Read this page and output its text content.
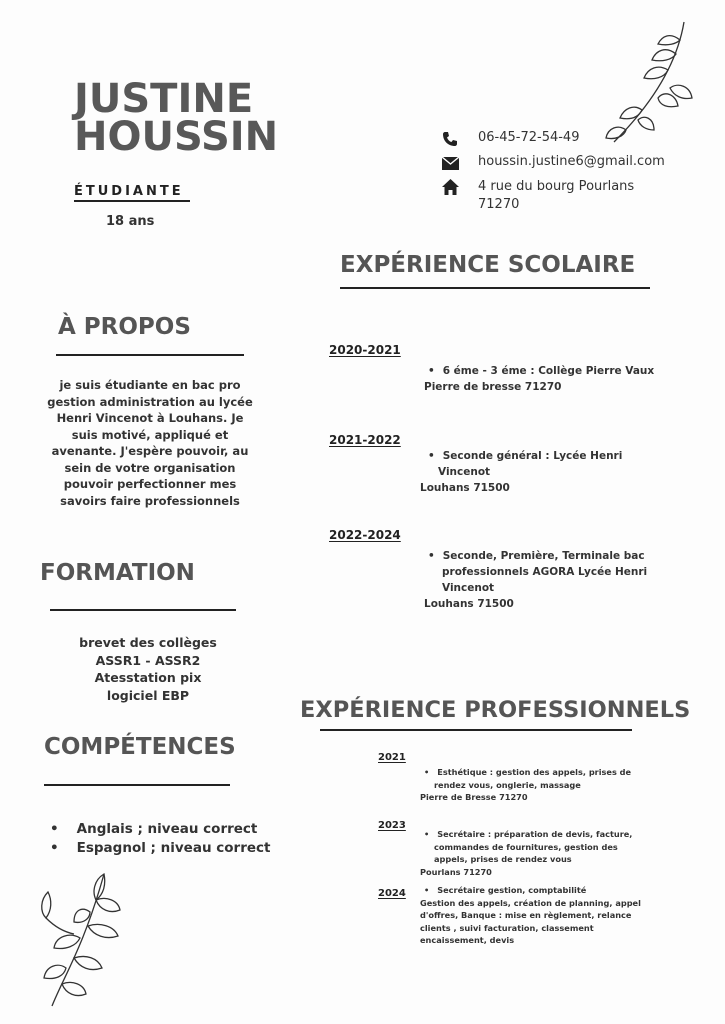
JUSTINE
HOUSSIN
ÉTUDIANTE
18 ans
06-45-72-54-49
houssin.justine6@gmail.com
4 rue du bourg Pourlans
71270
EXPÉRIENCE SCOLAIRE
À PROPOS
je suis étudiante en bac pro
gestion administration au lycée
Henri Vincenot à Louhans. Je
suis motivé, appliqué et
avenante. J'espère pouvoir, au
sein de votre organisation
pouvoir perfectionner mes
savoirs faire professionnels
2020-2021
• 6 éme - 3 éme : Collège Pierre Vaux
Pierre de bresse 71270
2021-2022
• Seconde général : Lycée Henri
Vincenot
Louhans 71500
2022-2024
• Seconde, Première, Terminale bac
professionnels AGORA Lycée Henri
Vincenot
Louhans 71500
FORMATION
brevet des collèges
ASSR1 - ASSR2
Atesstation pix
logiciel EBP
EXPÉRIENCE PROFESSIONNELS
COMPÉTENCES
• Anglais ; niveau correct
• Espagnol ; niveau correct
2021
• Esthétique : gestion des appels, prises de
rendez vous, onglerie, massage
Pierre de Bresse 71270
2023
• Secrétaire : préparation de devis, facture,
commandes de fournitures, gestion des
appels, prises de rendez vous
Pourlans 71270
2024
•	Secrétaire gestion, comptabilité
Gestion des appels, création de planning, appel
d'offres, Banque : mise en règlement, relance
clients , suivi facturation, classement
encaissement, devis
